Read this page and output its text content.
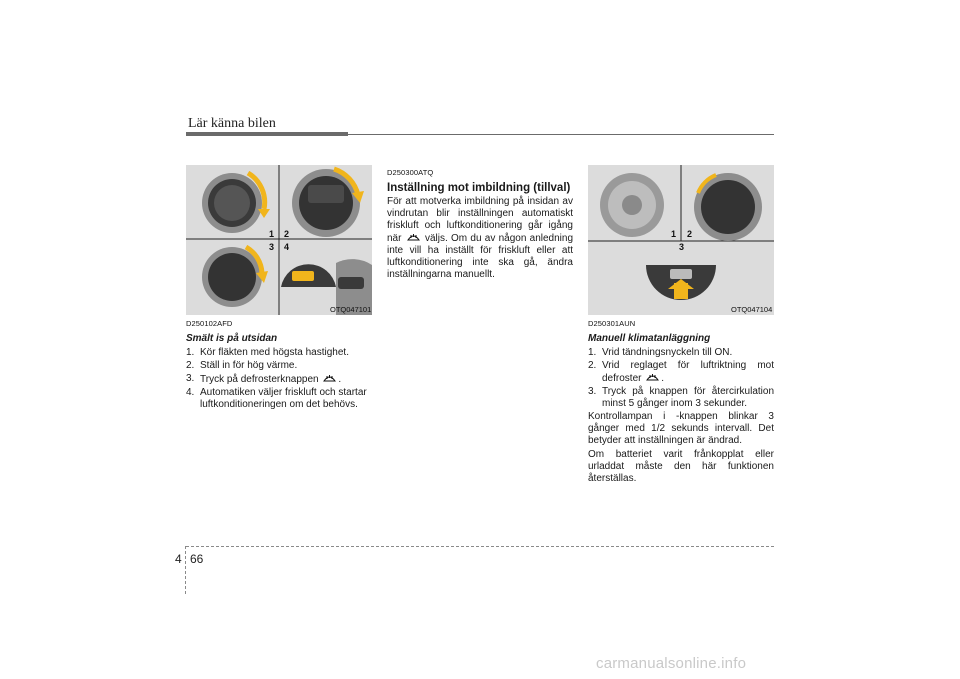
Lär känna bilen
1 2
3 4
OTQ047101
1 2
3
OTQ047104
D250102AFD
Smält is på utsidan
1. Kör fläkten med högsta hastighet.
2. Ställ in för hög värme.
3. Tryck på defrosterknappen .
4. Automatiken väljer friskluft och startar luftkonditioneringen om det behövs.
D250300ATQ
Inställning mot imbildning (tillval)
För att motverka imbildning på insidan av vindrutan blir inställningen automatiskt friskluft och luftkonditionering går igång när väljs. Om du av någon anledning inte vill ha inställt för friskluft eller att luftkonditionering inte ska gå, ändra inställningarna manuellt.
D250301AUN
Manuell klimatanläggning
1. Vrid tändningsnyckeln till ON.
2. Vrid reglaget för luftriktning mot defroster .
3. Tryck på knappen för återcirkulation minst 5 gånger inom 3 sekunder.
Kontrollampan i -knappen blinkar 3 gånger med 1/2 sekunds intervall. Det betyder att inställningen är ändrad.
Om batteriet varit frånkopplat eller urladdat måste den här funktionen återställas.
4 66
carmanualsonline.info
